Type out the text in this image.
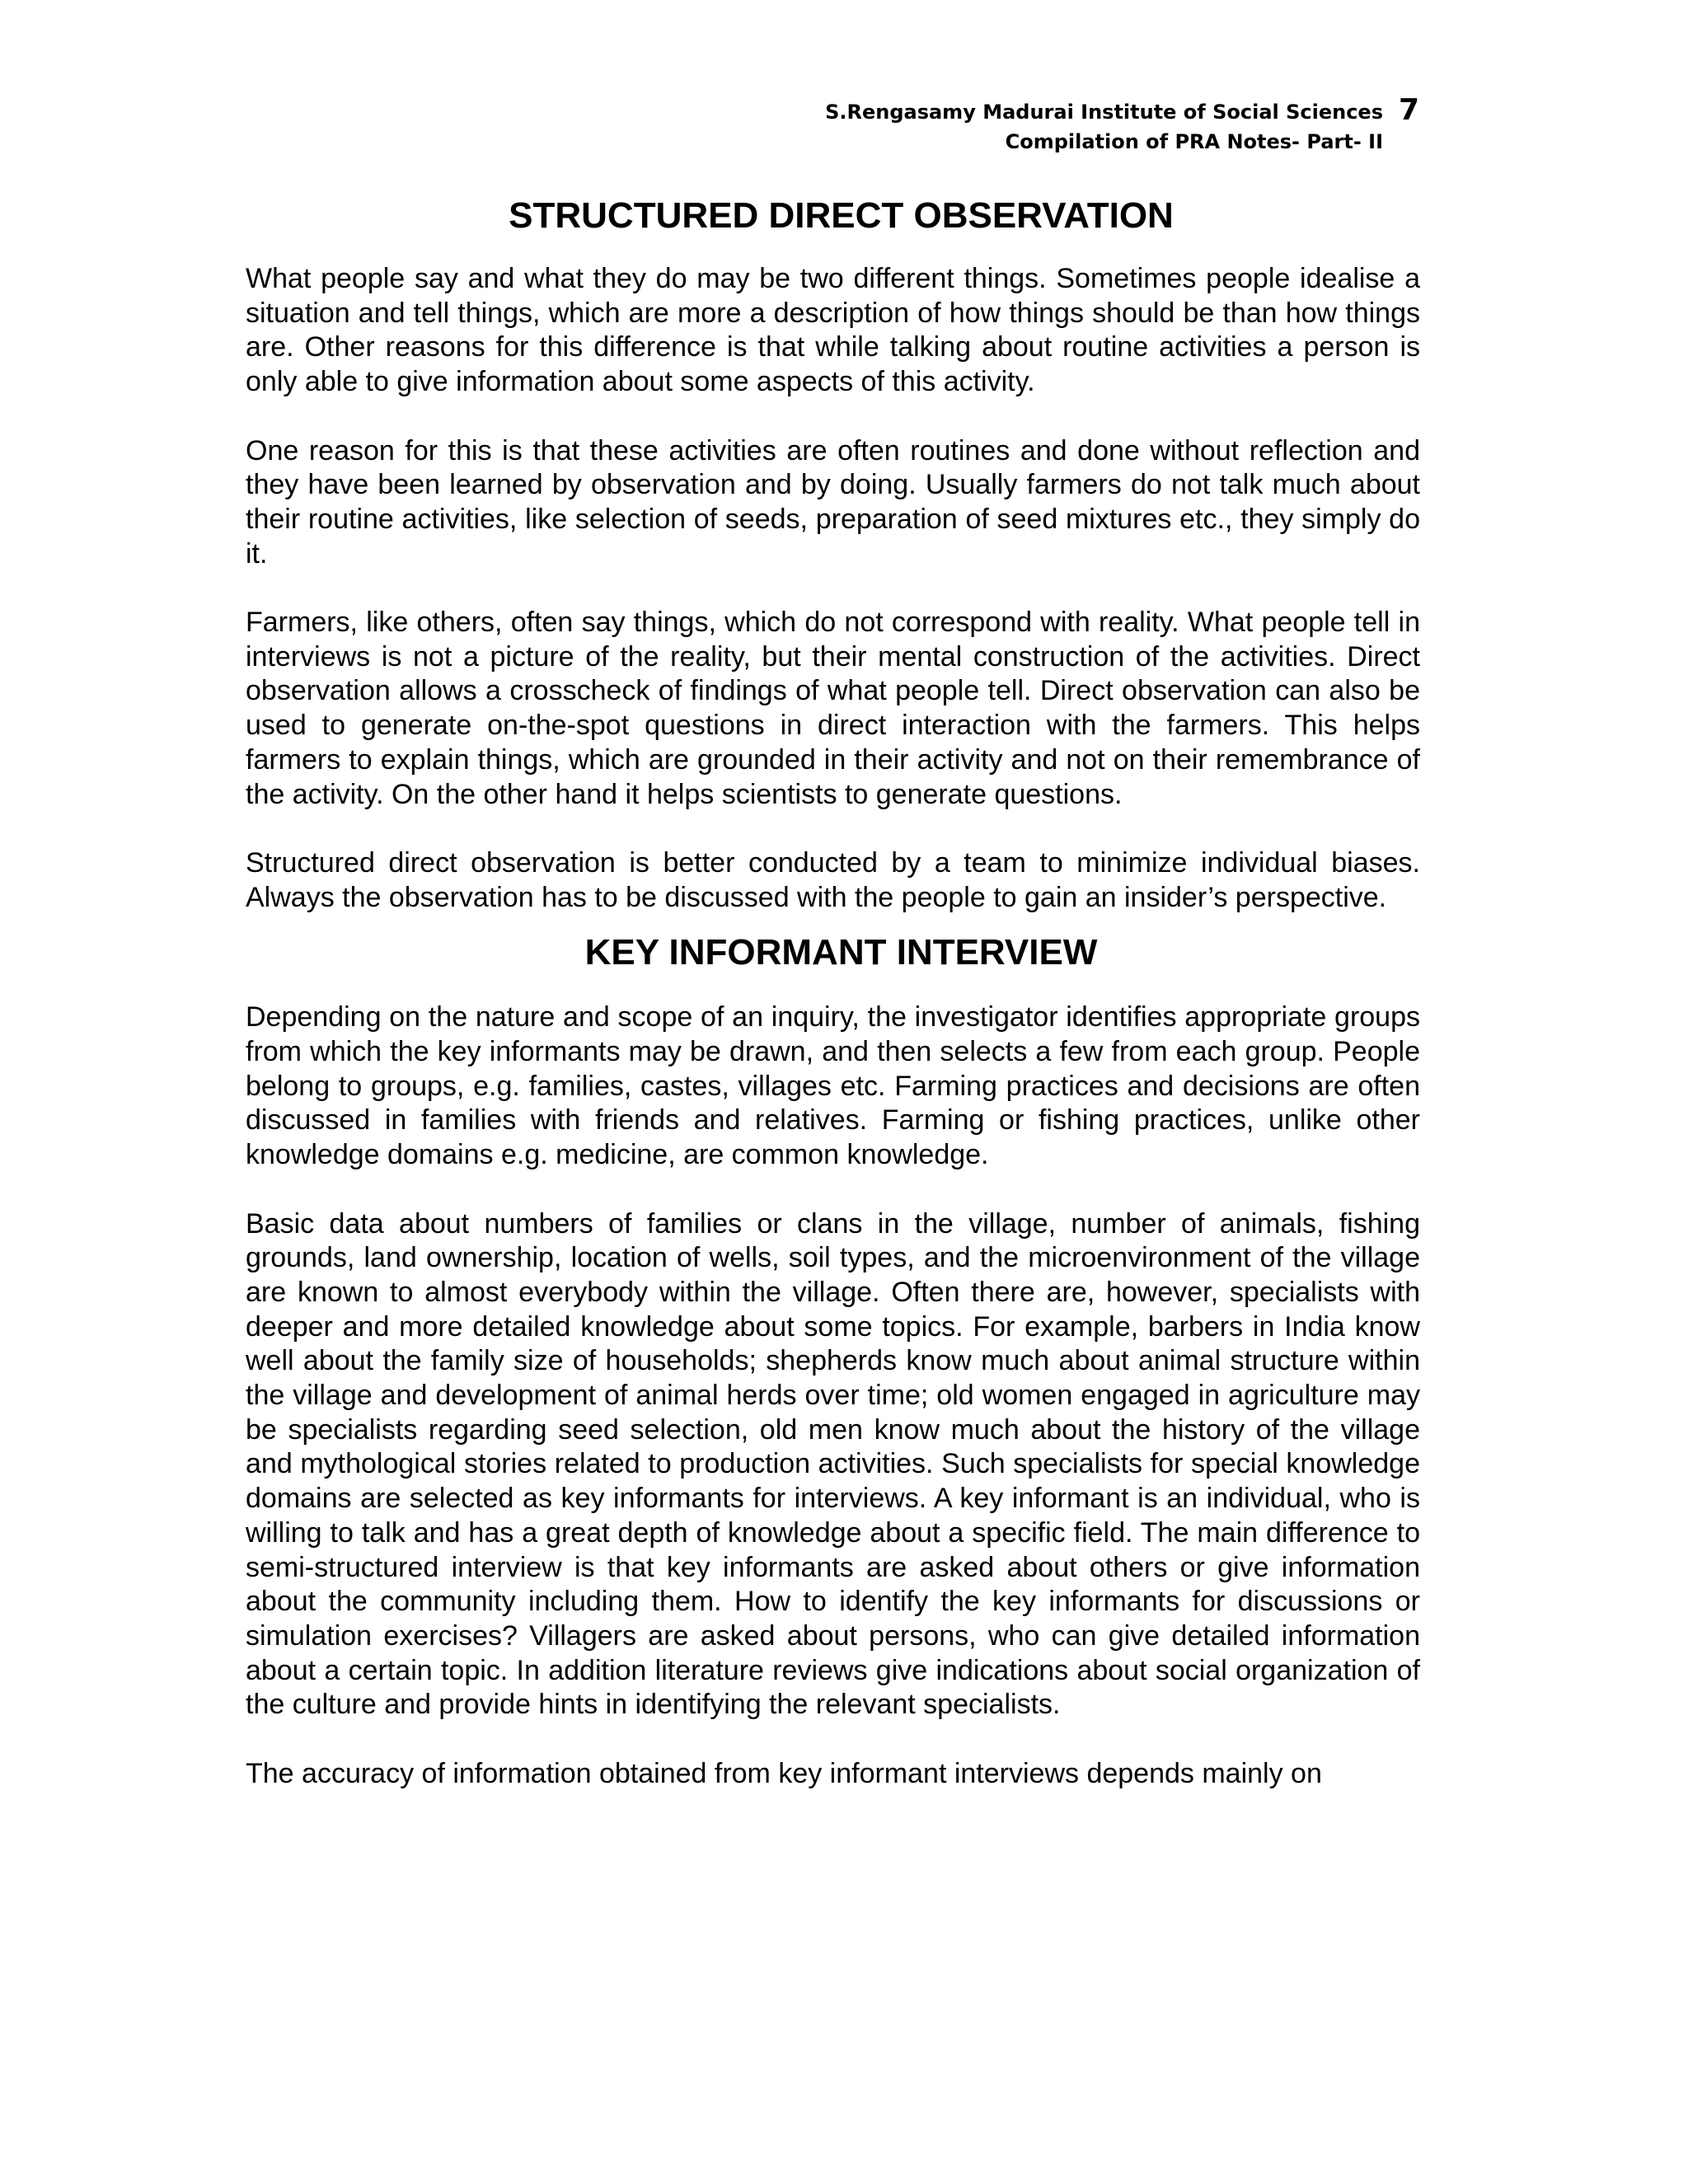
S.Rengasamy Madurai Institute of Social Sciences
Compilation of PRA Notes- Part- II
7
STRUCTURED DIRECT OBSERVATION

What people say and what they do may be two different things. Sometimes people idealise a situation and tell things, which are more a description of how things should be than how things are. Other reasons for this difference is that while talking about routine activities a person is only able to give information about some aspects of this activity.

One reason for this is that these activities are often routines and done without reflection and they have been learned by observation and by doing. Usually farmers do not talk much about their routine activities, like selection of seeds, preparation of seed mixtures etc., they simply do it.

Farmers, like others, often say things, which do not correspond with reality. What people tell in interviews is not a picture of the reality, but their mental construction of the activities. Direct observation allows a crosscheck of findings of what people tell. Direct observation can also be used to generate on-the-spot questions in direct interaction with the farmers. This helps farmers to explain things, which are grounded in their activity and not on their remembrance of the activity. On the other hand it helps scientists to generate questions.

Structured direct observation is better conducted by a team to minimize individual biases. Always the observation has to be discussed with the people to gain an insider’s perspective.

KEY INFORMANT INTERVIEW

Depending on the nature and scope of an inquiry, the investigator identifies appropriate groups from which the key informants may be drawn, and then selects a few from each group. People belong to groups, e.g. families, castes, villages etc. Farming practices and decisions are often discussed in families with friends and relatives. Farming or fishing practices, unlike other knowledge domains e.g. medicine, are common knowledge.

Basic data about numbers of families or clans in the village, number of animals, fishing grounds, land ownership, location of wells, soil types, and the microenvironment of the village are known to almost everybody within the village. Often there are, however, specialists with deeper and more detailed knowledge about some topics. For example, barbers in India know well about the family size of households; shepherds know much about animal structure within the village and development of animal herds over time; old women engaged in agriculture may be specialists regarding seed selection, old men know much about the history of the village and mythological stories related to production activities. Such specialists for special knowledge domains are selected as key informants for interviews. A key informant is an individual, who is willing to talk and has a great depth of knowledge about a specific field. The main difference to semi-structured interview is that key informants are asked about others or give information about the community including them. How to identify the key informants for discussions or simulation exercises? Villagers are asked about persons, who can give detailed information about a certain topic. In addition literature reviews give indications about social organization of the culture and provide hints in identifying the relevant specialists.

The accuracy of information obtained from key informant interviews depends mainly on
